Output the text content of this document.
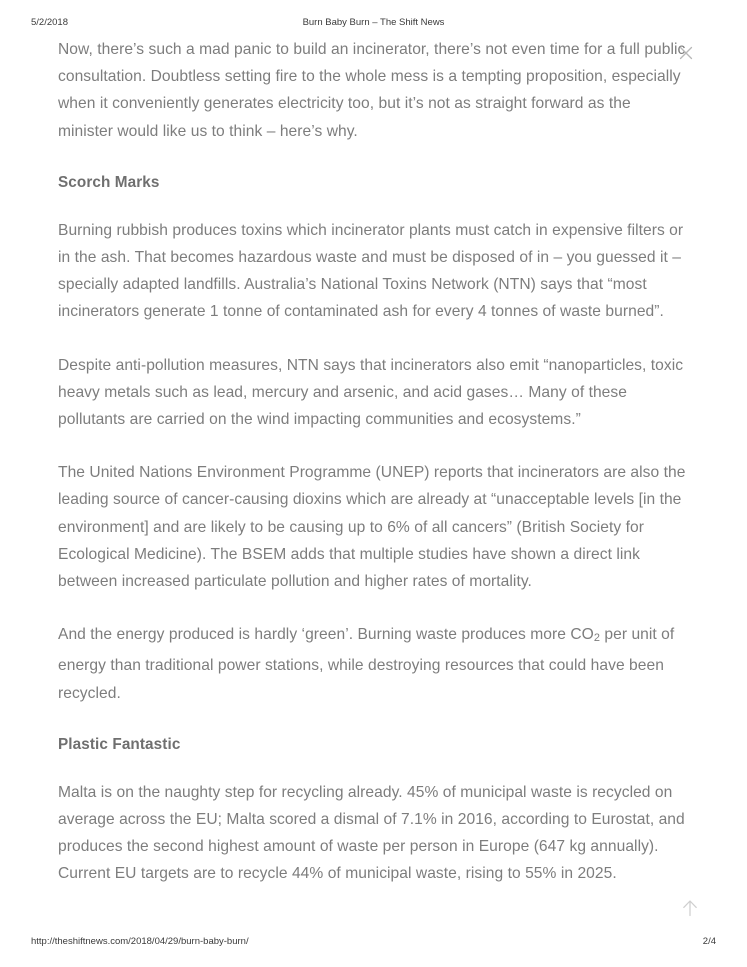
5/2/2018	Burn Baby Burn – The Shift News

Now, there’s such a mad panic to build an incinerator, there’s not even time for a full public consultation. Doubtless setting fire to the whole mess is a tempting proposition, especially when it conveniently generates electricity too, but it’s not as straight forward as the minister would like us to think – here’s why.

Scorch Marks

Burning rubbish produces toxins which incinerator plants must catch in expensive filters or in the ash. That becomes hazardous waste and must be disposed of in – you guessed it – specially adapted landfills. Australia’s National Toxins Network (NTN) says that “most incinerators generate 1 tonne of contaminated ash for every 4 tonnes of waste burned”.

Despite anti-pollution measures, NTN says that incinerators also emit “nanoparticles, toxic heavy metals such as lead, mercury and arsenic, and acid gases… Many of these pollutants are carried on the wind impacting communities and ecosystems.”

The United Nations Environment Programme (UNEP) reports that incinerators are also the leading source of cancer-causing dioxins which are already at “unacceptable levels [in the environment] and are likely to be causing up to 6% of all cancers” (British Society for Ecological Medicine). The BSEM adds that multiple studies have shown a direct link between increased particulate pollution and higher rates of mortality.

And the energy produced is hardly ‘green’. Burning waste produces more $CO_2$ per unit of energy than traditional power stations, while destroying resources that could have been recycled.

Plastic Fantastic

Malta is on the naughty step for recycling already. 45% of municipal waste is recycled on average across the EU; Malta scored a dismal of 7.1% in 2016, according to Eurostat, and produces the second highest amount of waste per person in Europe (647 kg annually). Current EU targets are to recycle 44% of municipal waste, rising to 55% in 2025.

http://theshiftnews.com/2018/04/29/burn-baby-burn/	2/4
